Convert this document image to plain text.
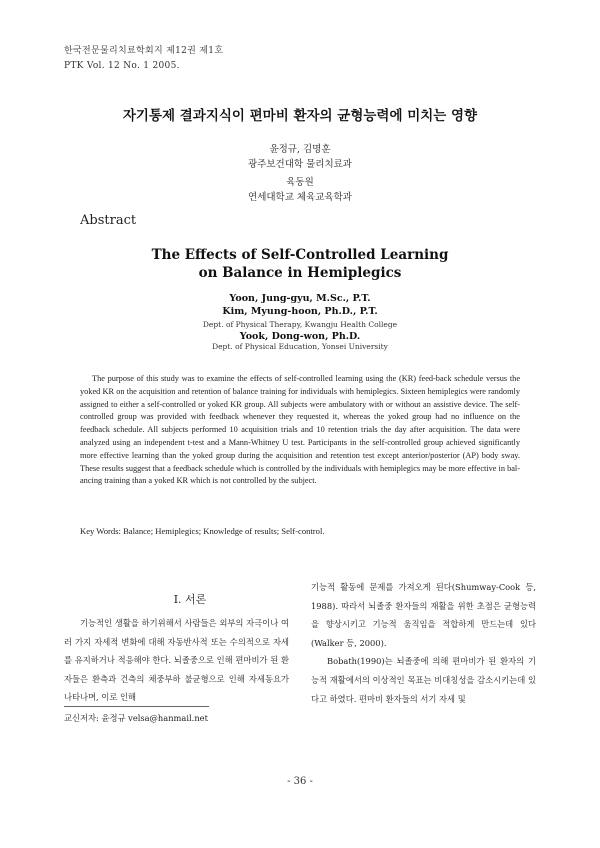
한국전문물리치료학회지 제12권 제1호
PTK Vol. 12 No. 1 2005.
자기통제 결과지식이 편마비 환자의 균형능력에 미치는 영향
윤정규, 김명훈
광주보건대학 물리치료과
육동원
연세대학교 체육교육학과
Abstract
The Effects of Self-Controlled Learning
on Balance in Hemiplegics
Yoon, Jung-gyu, M.Sc., P.T.
Kim, Myung-hoon, Ph.D., P.T.
Dept. of Physical Therapy, Kwangju Health College
Yook, Dong-won, Ph.D.
Dept. of Physical Education, Yonsei University
The purpose of this study was to examine the effects of self-controlled learning using the (KR) feed-back schedule versus the yoked KR on the acquisition and retention of balance training for individuals with hemiplegics. Sixteen hemiplegics were randomly assigned to either a self-controlled or yoked KR group. All subjects were ambulatory with or without an assistive device. The self-controlled group was provided with feedback whenever they requested it, whereas the yoked group had no influence on the feedback schedule. All subjects performed 10 acquisition trials and 10 retention trials the day after acquisition. The data were analyzed using an independent t-test and a Mann-Whitney U test. Participants in the self-controlled group achieved significantly more effective learning than the yoked group during the acquisition and retention test except anterior/posterior (AP) body sway. These results suggest that a feedback schedule which is controlled by the individuals with hemiplegics may be more effective in bal-ancing training than a yoked KR which is not controlled by the subject.
Key Words: Balance; Hemiplegics; Knowledge of results; Self-control.
Ⅰ. 서론
기능적인 생활을 하기위해서 사람들은 외부의 자극이나 여러 가지 자세적 변화에 대해 자동반사적 또는 수의적으로 자세를 유지하거나 적응해야 한다. 뇌졸중으로 인해 편마비가 된 환자들은 환측과 건측의 체중부하 불균형으로 인해 자세동요가 나타나며, 이로 인해

기능적 활동에 문제를 가져오게 된다(Shumway-Cook 등, 1988). 따라서 뇌졸중 환자들의 재활을 위한 초점은 균형능력을 향상시키고 기능적 움직임을 적합하게 만드는데 있다(Walker 등, 2000).

Bobath(1990)는 뇌졸중에 의해 편마비가 된 환자의 기능적 재활에서의 이상적인 목표는 비대칭성을 감소시키는데 있다고 하였다. 편마비 환자들의 서기 자세 및

교신저자: 윤정규 velsa@hanmail.net
- 36 -
